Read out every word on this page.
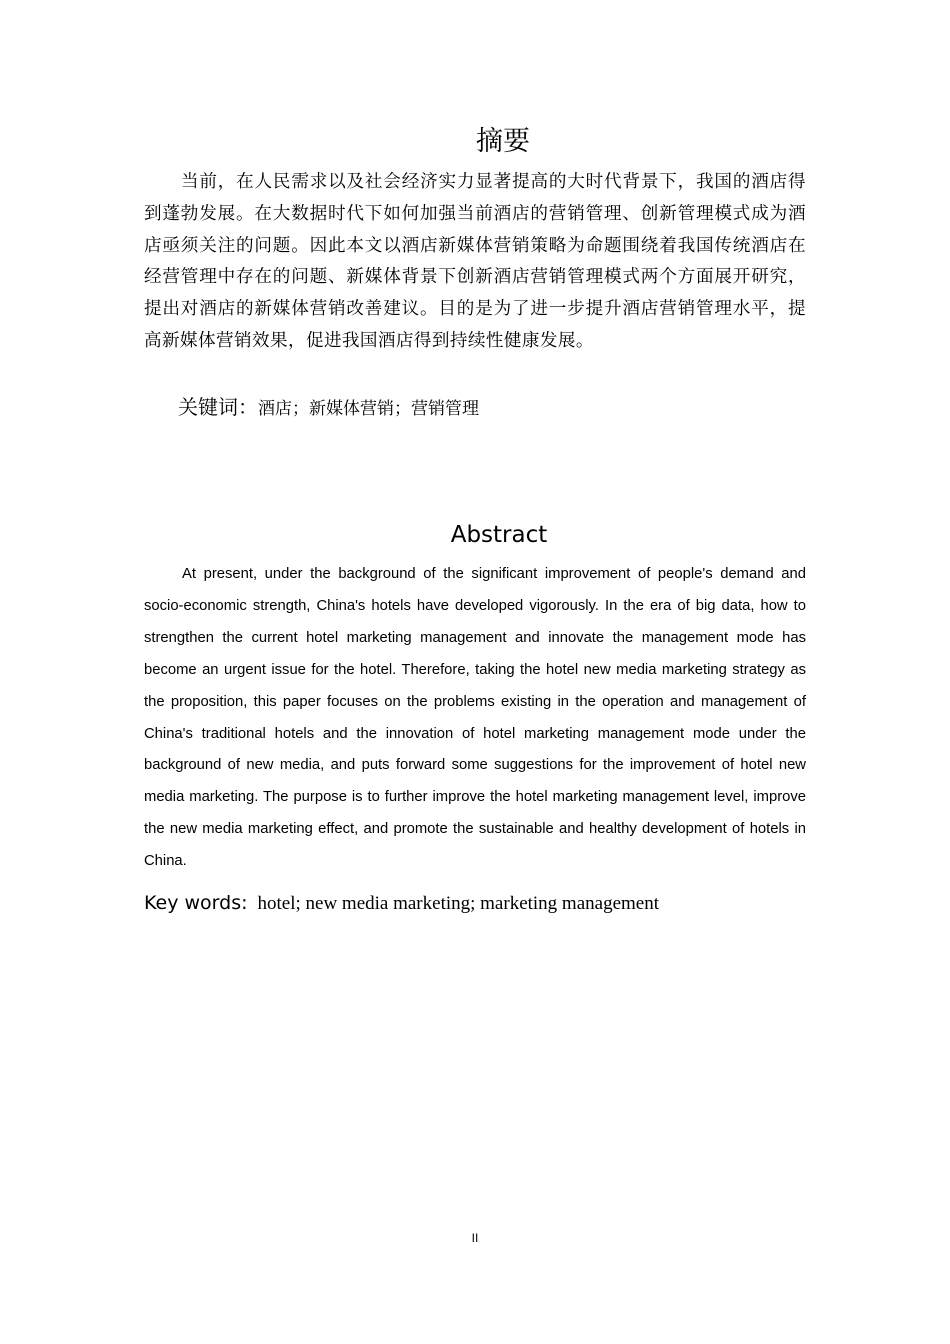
摘要

当前，在人民需求以及社会经济实力显著提高的大时代背景下，我国的酒店得到蓬勃发展。在大数据时代下如何加强当前酒店的营销管理、创新管理模式成为酒店亟须关注的问题。因此本文以酒店新媒体营销策略为命题围绕着我国传统酒店在经营管理中存在的问题、新媒体背景下创新酒店营销管理模式两个方面展开研究，提出对酒店的新媒体营销改善建议。目的是为了进一步提升酒店营销管理水平，提高新媒体营销效果，促进我国酒店得到持续性健康发展。

关键词：酒店；新媒体营销；营销管理

Abstract

At present, under the background of the significant improvement of people's demand and socio-economic strength, China's hotels have developed vigorously. In the era of big data, how to strengthen the current hotel marketing management and innovate the management mode has become an urgent issue for the hotel. Therefore, taking the hotel new media marketing strategy as the proposition, this paper focuses on the problems existing in the operation and management of China's traditional hotels and the innovation of hotel marketing management mode under the background of new media, and puts forward some suggestions for the improvement of hotel new media marketing. The purpose is to further improve the hotel marketing management level, improve the new media marketing effect, and promote the sustainable and healthy development of hotels in China.

Key words: hotel; new media marketing; marketing management

II
